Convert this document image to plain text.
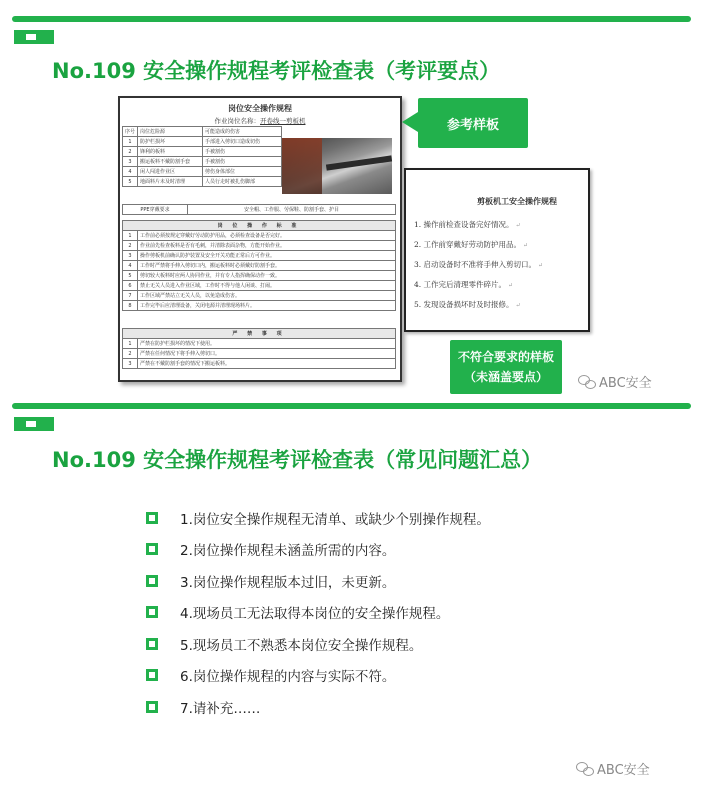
No.109 安全操作规程考评检查表（考评要点）
岗位安全操作规程
作业岗位名称：开卷线一剪板机
序号	岗位危险源	可能造成的伤害
1	防护栏损坏	手部进入剪切口造成切伤
2	锋利的板料	手被割伤
3	搬运板料不戴防割手套	手被割伤
4	闲人闯进作业区	剪伤身体部位
5	地面料片未及时清理	人员行走时被扎伤脚部
PPE穿戴要求	安全帽、工作服、劳保鞋、防割手套、护目
岗 位 操 作 标 准	
1	工作前必须按规定穿戴好劳动防护用品，必须检查设备是否完好。
2	作业前先检查板料是否有毛刺，并清除表面杂物，方能开始作业。
3	操作剪板机前确认防护装置及安全开关功能正常后方可作业。
4	工作时严禁将手伸入剪切口内，搬运板料时必须戴好防割手套。
5	剪切较大板料时应两人协同作业，并有专人指挥确保动作一致。
6	禁止无关人员进入作业区域，工作时不得与他人闲谈、打闹。
7	工作区域严禁站立无关人员，以免造成伤害。
8	工作完毕后应清理设备，关闭电源并清理现场料片。
严 禁 事 项	
1	严禁在防护栏损坏的情况下使用。
2	严禁在任何情况下将手伸入剪切口。
3	严禁在不戴防割手套的情况下搬运板料。
参考样板
剪板机工安全操作规程
1. 操作前检查设备完好情况。 ↵
2. 工作前穿戴好劳动防护用品。 ↵
3. 启动设备时不准将手伸入剪切口。 ↵
4. 工作完后清理零件碎片。 ↵
5. 发现设备损坏时及时报修。 ↵
不符合要求的样板
（未涵盖要点）	ABC安全
No.109 安全操作规程考评检查表（常见问题汇总）
1.岗位安全操作规程无清单、或缺少个别操作规程。
2.岗位操作规程未涵盖所需的内容。
3.岗位操作规程版本过旧，未更新。
4.现场员工无法取得本岗位的安全操作规程。
5.现场员工不熟悉本岗位安全操作规程。
6.岗位操作规程的内容与实际不符。
7.请补充……
ABC安全
